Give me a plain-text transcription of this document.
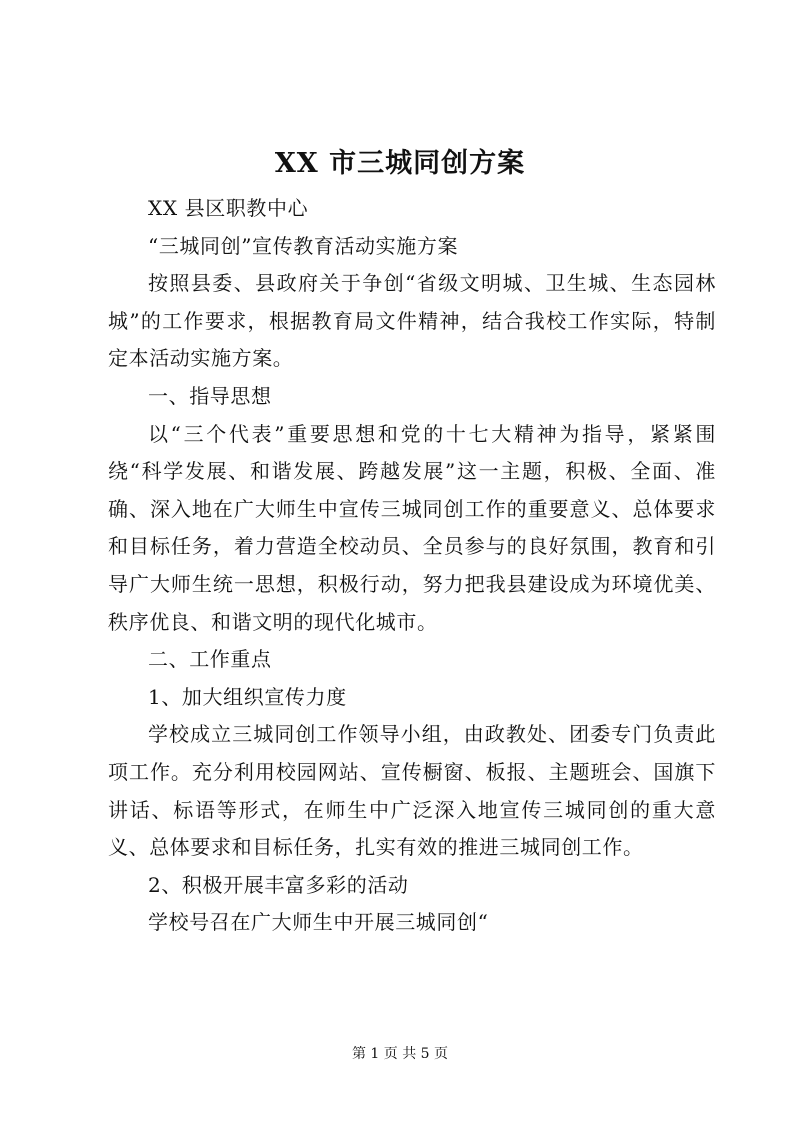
XX 市三城同创方案

XX 县区职教中心

“三城同创”宣传教育活动实施方案

按照县委、县政府关于争创“省级文明城、卫生城、生态园林城”的工作要求，根据教育局文件精神，结合我校工作实际，特制定本活动实施方案。

一、指导思想

以“三个代表”重要思想和党的十七大精神为指导，紧紧围绕“科学发展、和谐发展、跨越发展”这一主题，积极、全面、准确、深入地在广大师生中宣传三城同创工作的重要意义、总体要求和目标任务，着力营造全校动员、全员参与的良好氛围，教育和引导广大师生统一思想，积极行动，努力把我县建设成为环境优美、秩序优良、和谐文明的现代化城市。

二、工作重点

1、加大组织宣传力度

学校成立三城同创工作领导小组，由政教处、团委专门负责此项工作。充分利用校园网站、宣传橱窗、板报、主题班会、国旗下讲话、标语等形式，在师生中广泛深入地宣传三城同创的重大意义、总体要求和目标任务，扎实有效的推进三城同创工作。

2、积极开展丰富多彩的活动

学校号召在广大师生中开展三城同创“

第 1 页 共 5 页
